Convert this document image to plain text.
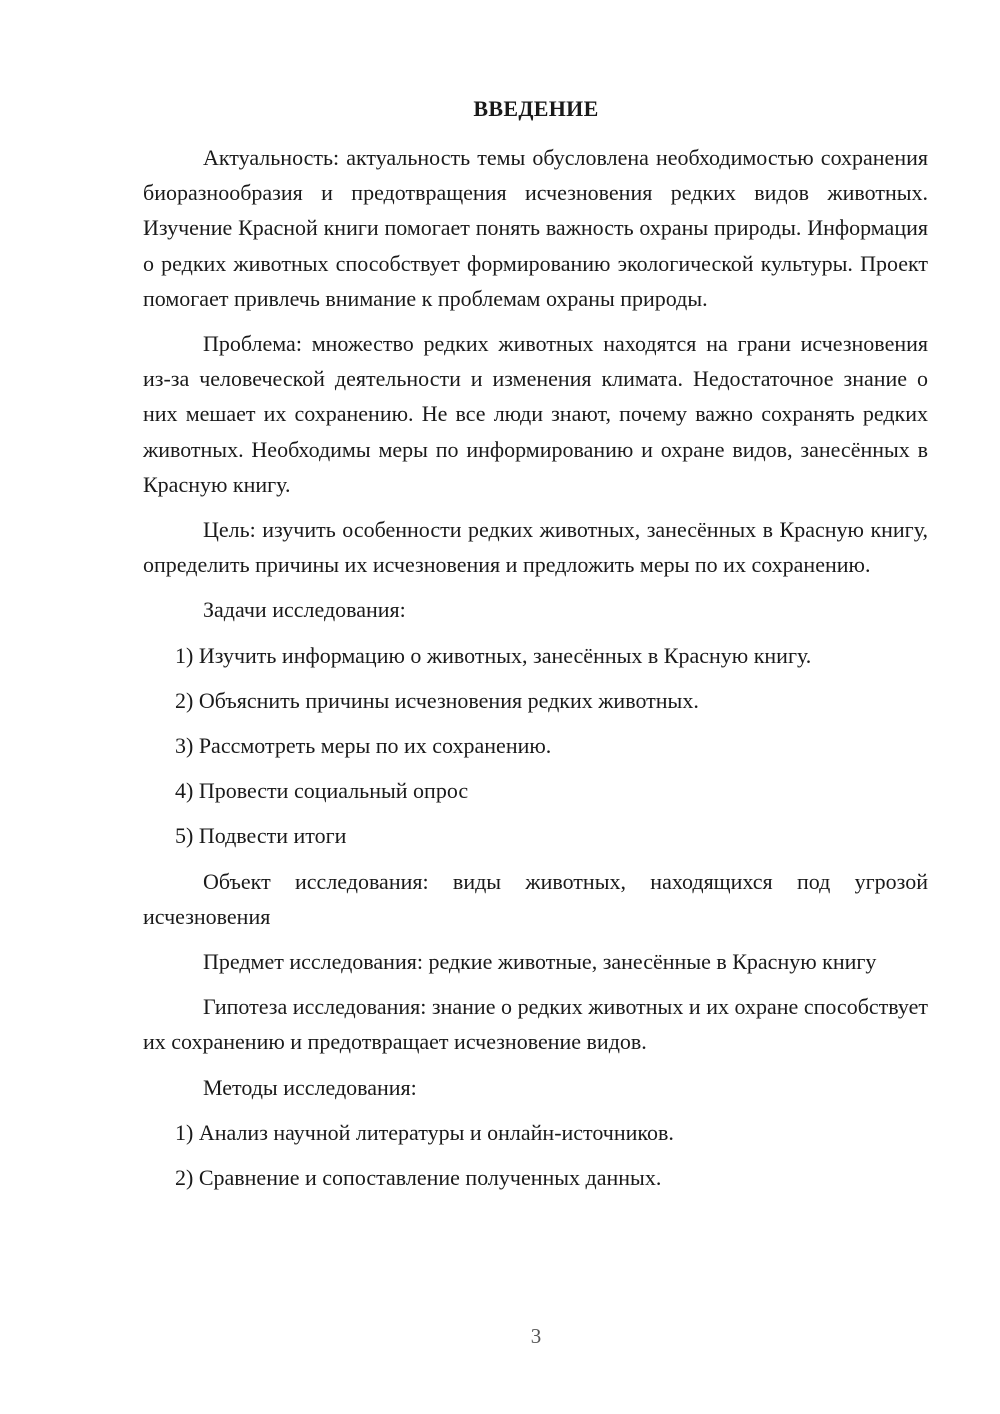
ВВЕДЕНИЕ

Актуальность: актуальность темы обусловлена необходимостью сохранения биоразнообразия и предотвращения исчезновения редких видов животных. Изучение Красной книги помогает понять важность охраны природы. Информация о редких животных способствует формированию экологической культуры. Проект помогает привлечь внимание к проблемам охраны природы.

Проблема: множество редких животных находятся на грани исчезновения из-за человеческой деятельности и изменения климата. Недостаточное знание о них мешает их сохранению. Не все люди знают, почему важно сохранять редких животных. Необходимы меры по информированию и охране видов, занесённых в Красную книгу.

Цель: изучить особенности редких животных, занесённых в Красную книгу, определить причины их исчезновения и предложить меры по их сохранению.

Задачи исследования:

1) Изучить информацию о животных, занесённых в Красную книгу.
2) Объяснить причины исчезновения редких животных.
3) Рассмотреть меры по их сохранению.
4) Провести социальный опрос
5) Подвести итоги

Объект исследования: виды животных, находящихся под угрозой исчезновения

Предмет исследования: редкие животные, занесённые в Красную книгу

Гипотеза исследования: знание о редких животных и их охране способствует их сохранению и предотвращает исчезновение видов.

Методы исследования:

1) Анализ научной литературы и онлайн-источников.
2) Сравнение и сопоставление полученных данных.
3
